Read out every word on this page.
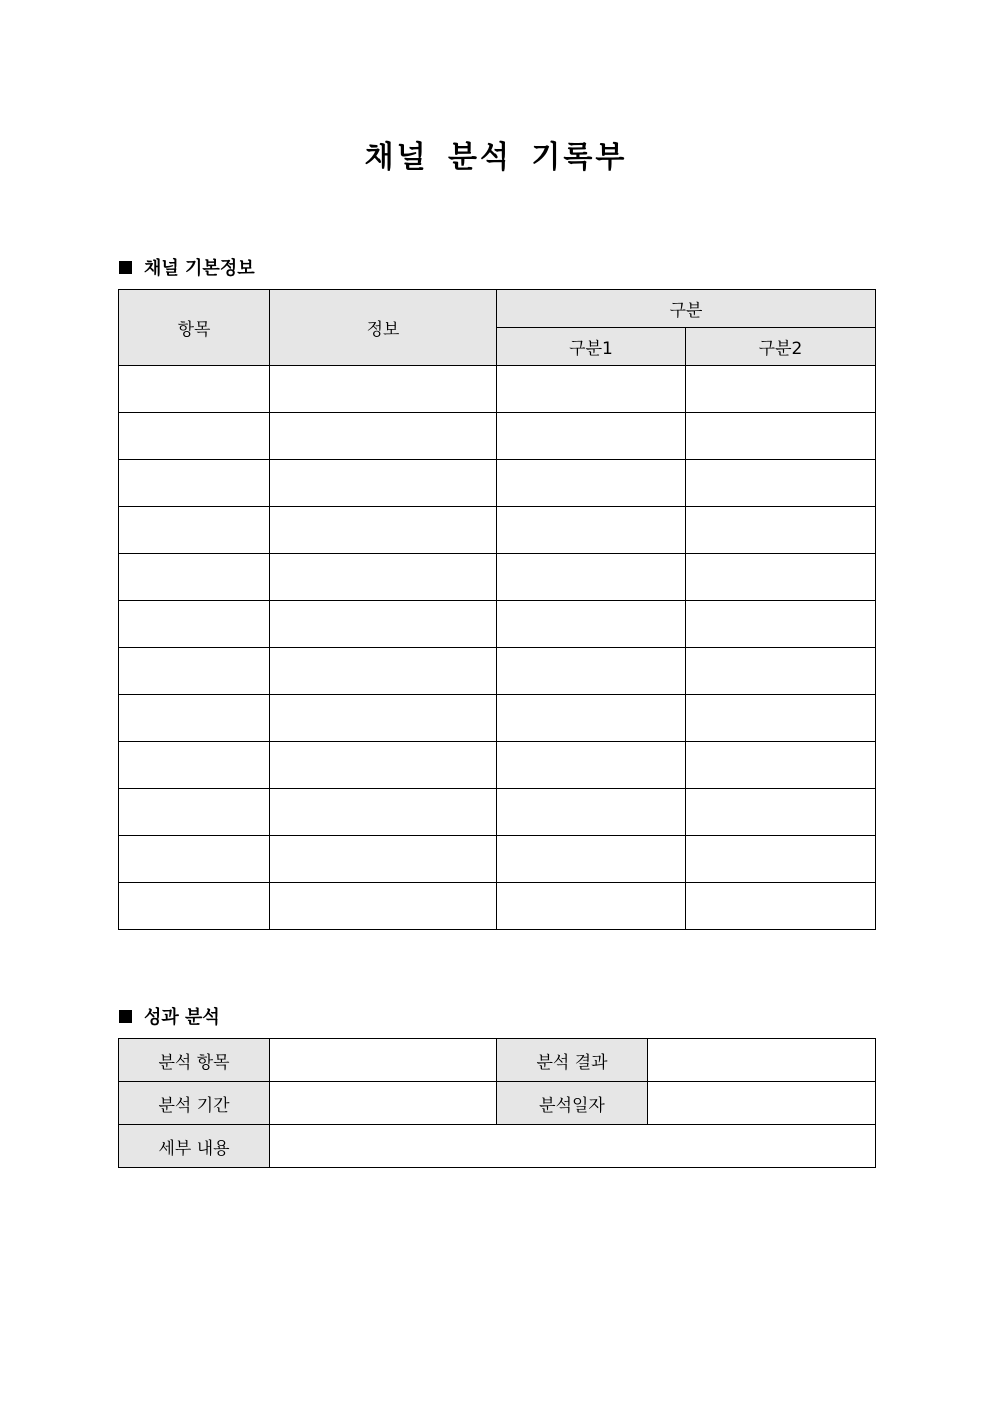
채널 분석 기록부
채널 기본정보
항목	정보	구분	
		구분1	구분2

성과 분석
분석 항목		분석 결과	
분석 기간		분석일자	
세부 내용			
